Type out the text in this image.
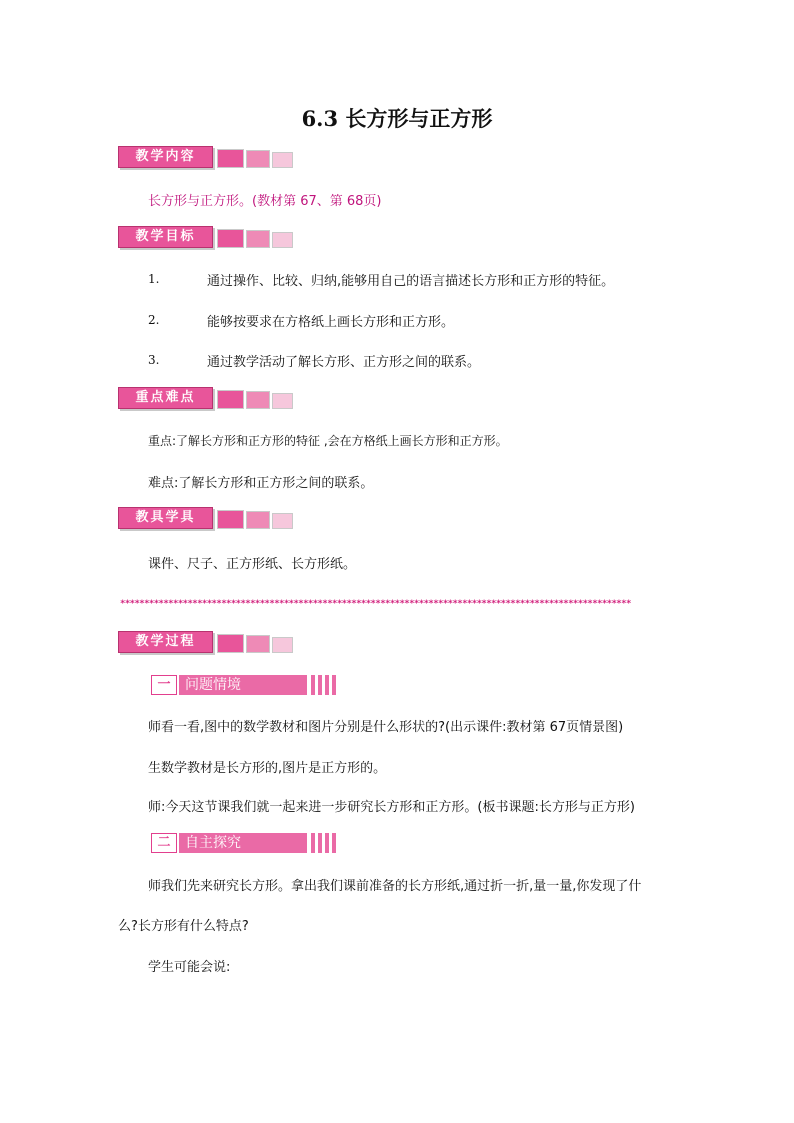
6.3 长方形与正方形
教学内容
长方形与正方形。(教材第 67、第 68页)
教学目标
1.	通过操作、比较、归纳,能够用自己的语言描述长方形和正方形的特征。
2.	能够按要求在方格纸上画长方形和正方形。
3.	通过教学活动了解长方形、正方形之间的联系。
重点难点
重点:了解长方形和正方形的特征 ,会在方格纸上画长方形和正方形。
难点:了解长方形和正方形之间的联系。
教具学具
课件、尺子、正方形纸、长方形纸。
**********************************************************************************************************
教学过程
一	问题情境
师看一看,图中的数学教材和图片分别是什么形状的?(出示课件:教材第 67页情景图)
生数学教材是长方形的,图片是正方形的。
师:今天这节课我们就一起来进一步研究长方形和正方形。(板书课题:长方形与正方形)
二	自主探究
师我们先来研究长方形。拿出我们课前准备的长方形纸,通过折一折,量一量,你发现了什
么?长方形有什么特点?
学生可能会说:
